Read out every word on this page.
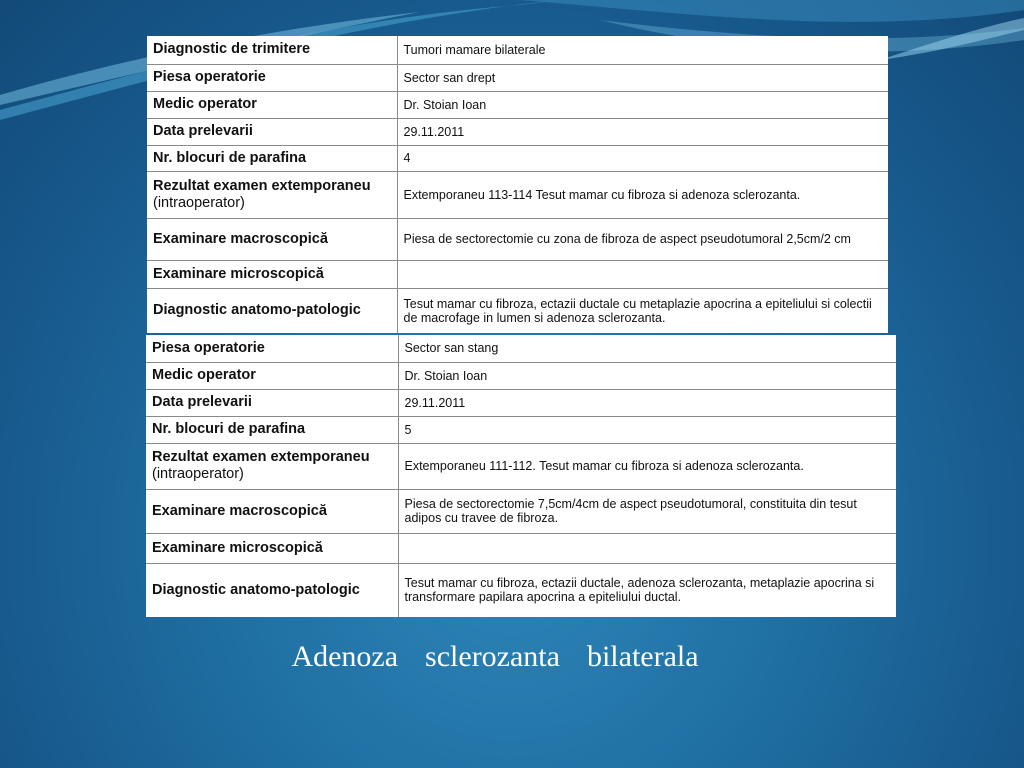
Diagnostic de trimitere	Tumori mamare bilaterale
Piesa operatorie	Sector san drept
Medic operator	Dr. Stoian Ioan
Data prelevarii	29.11.2011
Nr. blocuri de parafina	4
Rezultat examen extemporaneu (intraoperator)	Extemporaneu 113-114 Tesut mamar cu fibroza si adenoza sclerozanta.
Examinare macroscopică	Piesa de sectorectomie cu zona de fibroza de aspect pseudotumoral 2,5cm/2 cm
Examinare microscopică	
Diagnostic anatomo-patologic	Tesut mamar cu fibroza, ectazii ductale cu metaplazie apocrina a epiteliului si colectii de macrofage in lumen si adenoza sclerozanta.
Piesa operatorie	Sector san stang
Medic operator	Dr. Stoian Ioan
Data prelevarii	29.11.2011
Nr. blocuri de parafina	5
Rezultat examen extemporaneu (intraoperator)	Extemporaneu 111-112. Tesut mamar cu fibroza si adenoza sclerozanta.
Examinare macroscopică	Piesa de sectorectomie 7,5cm/4cm de aspect pseudotumoral, constituita din tesut adipos cu travee de fibroza.
Examinare microscopică	
Diagnostic anatomo-patologic	Tesut mamar cu fibroza, ectazii ductale, adenoza sclerozanta, metaplazie apocrina si transformare papilara apocrina a epiteliului ductal.
Adenoza  sclerozanta  bilaterala
